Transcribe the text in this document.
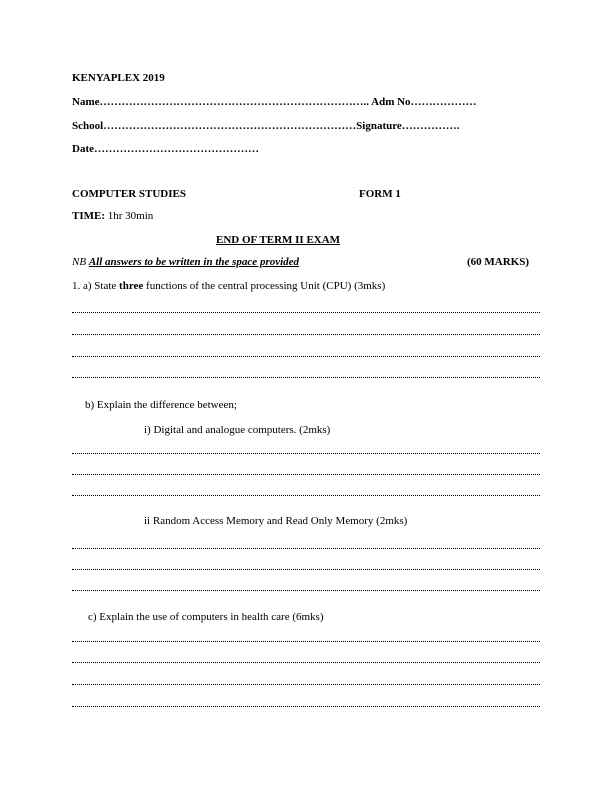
KENYAPLEX 2019
Name……………………………………………………………….. Adm No………………
School……………………………………………………………Signature…………….
Date………………………………………
COMPUTER STUDIES	FORM 1
TIME: 1hr 30min
END OF TERM II EXAM
NB All answers to be written in the space provided	(60 MARKS)
1. a) State three functions of the central processing Unit (CPU) (3mks)
b) Explain the difference between;
i) Digital and analogue computers. (2mks)
ii Random Access Memory and Read Only Memory (2mks)
c) Explain the use of computers in health care (6mks)
